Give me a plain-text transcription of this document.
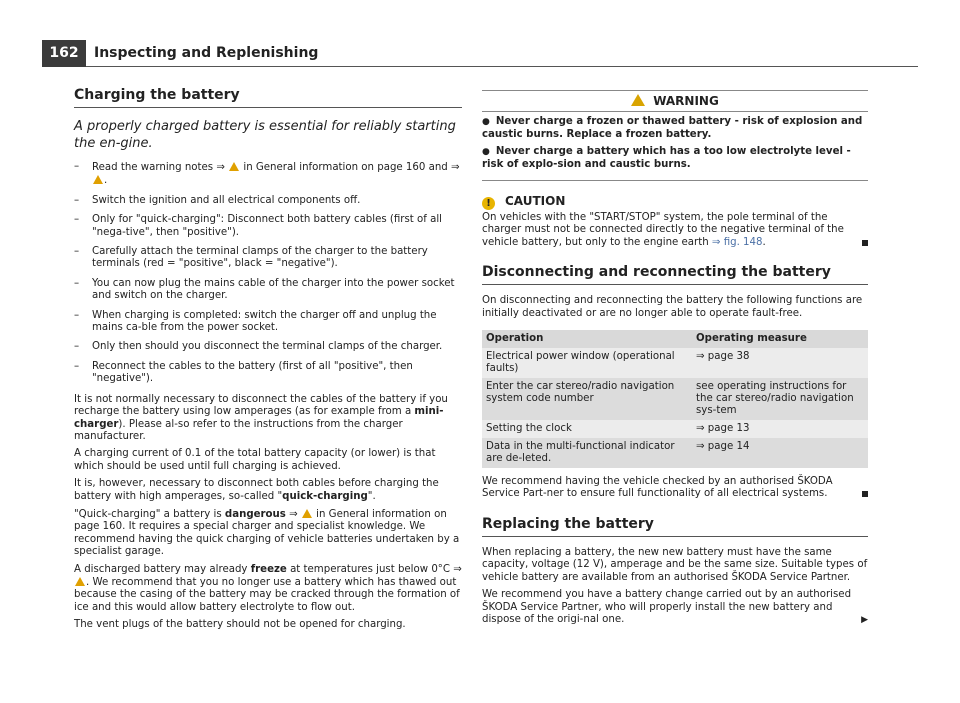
162	Inspecting and Replenishing
Charging the battery
A properly charged battery is essential for reliably starting the en-gine.
– Read the warning notes ⇒  in General information on page 160 and ⇒ .
– Switch the ignition and all electrical components off.
– Only for "quick-charging": Disconnect both battery cables (first of all "nega-tive", then "positive").
– Carefully attach the terminal clamps of the charger to the battery terminals (red = "positive", black = "negative").
– You can now plug the mains cable of the charger into the power socket and switch on the charger.
– When charging is completed: switch the charger off and unplug the mains ca-ble from the power socket.
– Only then should you disconnect the terminal clamps of the charger.
– Reconnect the cables to the battery (first of all "positive", then "negative").

It is not normally necessary to disconnect the cables of the battery if you recharge the battery using low amperages (as for example from a mini-charger). Please al-so refer to the instructions from the charger manufacturer.

A charging current of 0.1 of the total battery capacity (or lower) is that which should be used until full charging is achieved.

It is, however, necessary to disconnect both cables before charging the battery with high amperages, so-called "quick-charging".

"Quick-charging" a battery is dangerous ⇒  in General information on page 160. It requires a special charger and specialist knowledge. We recommend having the quick charging of vehicle batteries undertaken by a specialist garage.

A discharged battery may already freeze at temperatures just below 0°C ⇒ . We recommend that you no longer use a battery which has thawed out because the casing of the battery may be cracked through the formation of ice and this would allow battery electrolyte to flow out.

The vent plugs of the battery should not be opened for charging.

WARNING
● Never charge a frozen or thawed battery - risk of explosion and caustic burns. Replace a frozen battery.
● Never charge a battery which has a too low electrolyte level - risk of explo-sion and caustic burns.
! CAUTION

On vehicles with the "START/STOP" system, the pole terminal of the charger must not be connected directly to the negative terminal of the vehicle battery, but only to the engine earth ⇒ fig. 148.

Disconnecting and reconnecting the battery

On disconnecting and reconnecting the battery the following functions are initially deactivated or are no longer able to operate fault-free.

Operation	Operating measure
Electrical power window (operational faults)	⇒ page 38
Enter the car stereo/radio navigation system code number	see operating instructions for the car stereo/radio navigation sys-tem
Setting the clock	⇒ page 13
Data in the multi-functional indicator are de-leted.	⇒ page 14

We recommend having the vehicle checked by an authorised ŠKODA Service Part-ner to ensure full functionality of all electrical systems.

Replacing the battery

When replacing a battery, the new new battery must have the same capacity, voltage (12 V), amperage and be the same size. Suitable types of vehicle battery are available from an authorised ŠKODA Service Partner.

We recommend you have a battery change carried out by an authorised ŠKODA Service Partner, who will properly install the new battery and dispose of the origi-nal one.	▶
